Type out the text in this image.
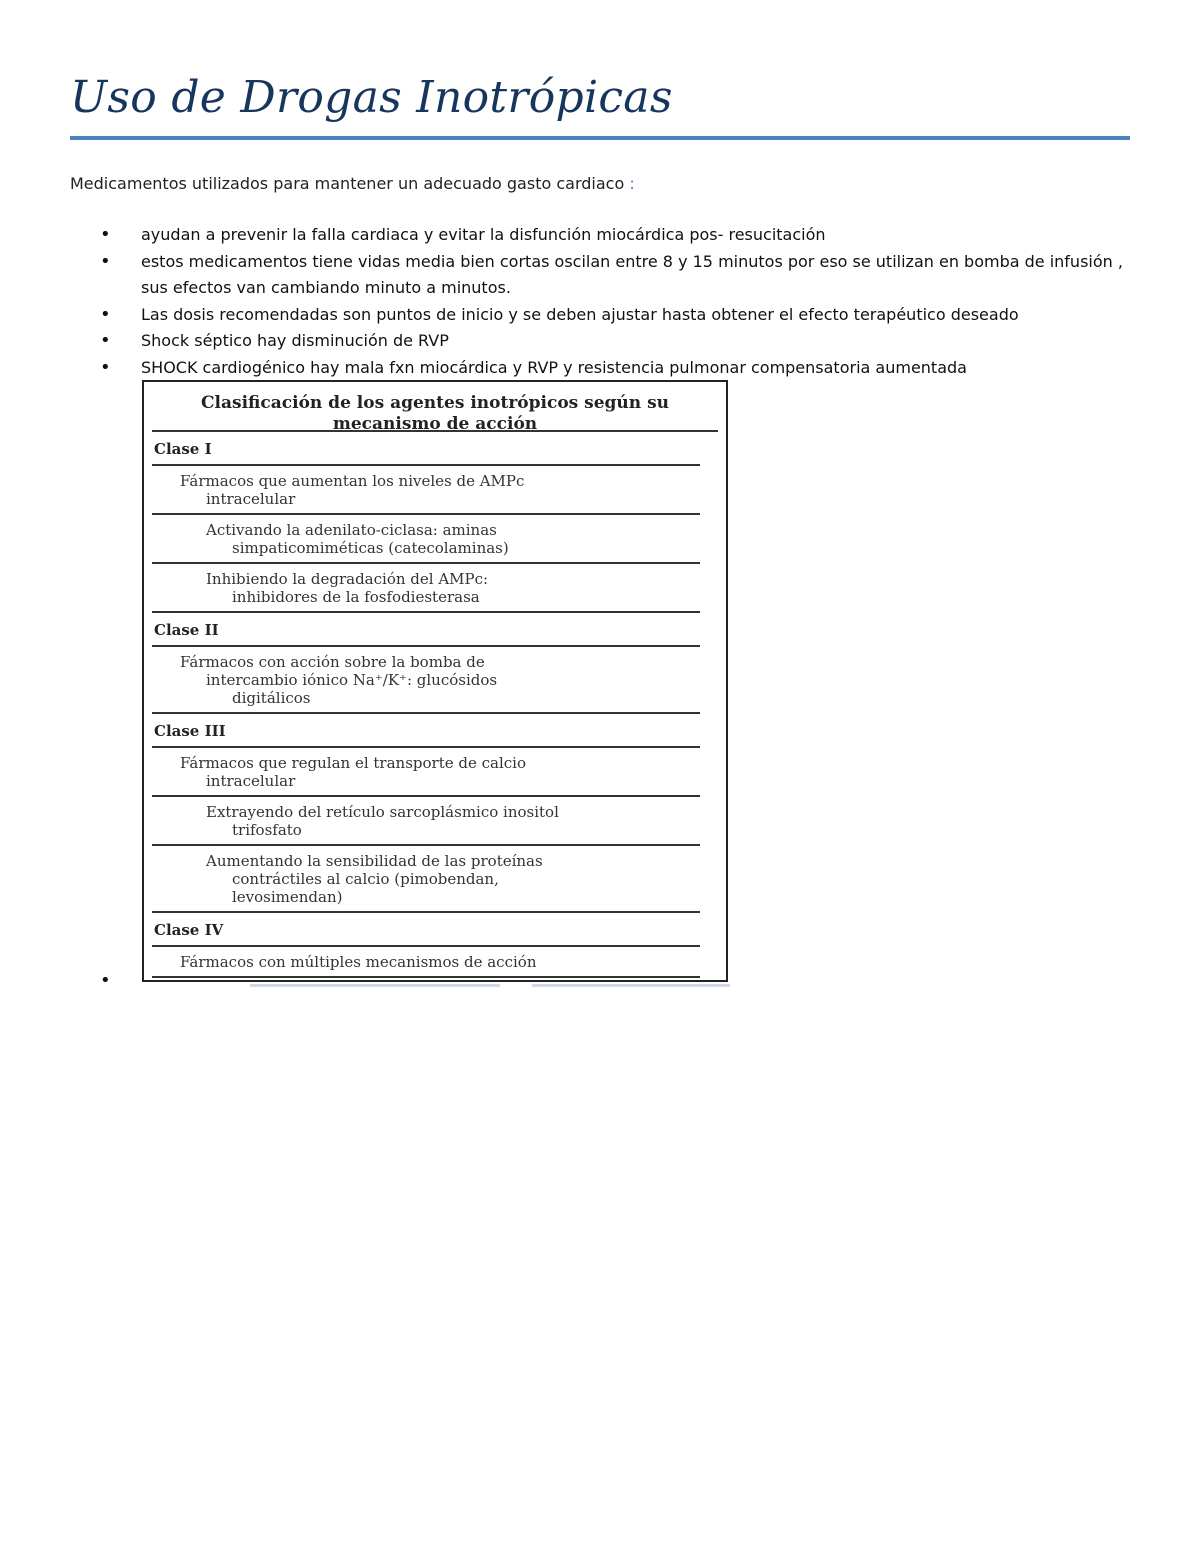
Uso de Drogas Inotrópicas
Medicamentos utilizados para mantener un adecuado gasto cardiaco :
• ayudan a prevenir la falla cardiaca y evitar la disfunción miocárdica pos- resucitación
• estos medicamentos tiene vidas media bien cortas oscilan entre 8 y 15 minutos por eso se utilizan en bomba de infusión , sus efectos van cambiando minuto a minutos.
• Las dosis recomendadas son puntos de inicio y se deben ajustar hasta obtener el efecto terapéutico deseado
• Shock séptico hay disminución de RVP
• SHOCK cardiogénico hay mala fxn miocárdica y RVP y resistencia pulmonar compensatoria aumentada
Clasificación de los agentes inotrópicos según su
mecanismo de acción
Clase I
Fármacos que aumentan los niveles de AMPc
intracelular
Activando la adenilato-ciclasa: aminas
simpaticomiméticas (catecolaminas)
Inhibiendo la degradación del AMPc:
inhibidores de la fosfodiesterasa
Clase II
Fármacos con acción sobre la bomba de
intercambio iónico Na⁺/K⁺: glucósidos
digitálicos
Clase III
Fármacos que regulan el transporte de calcio
intracelular
Extrayendo del retículo sarcoplásmico inositol
trifosfato
Aumentando la sensibilidad de las proteínas
contráctiles al calcio (pimobendan,
levosimendan)
Clase IV
Fármacos con múltiples mecanismos de acción
•
